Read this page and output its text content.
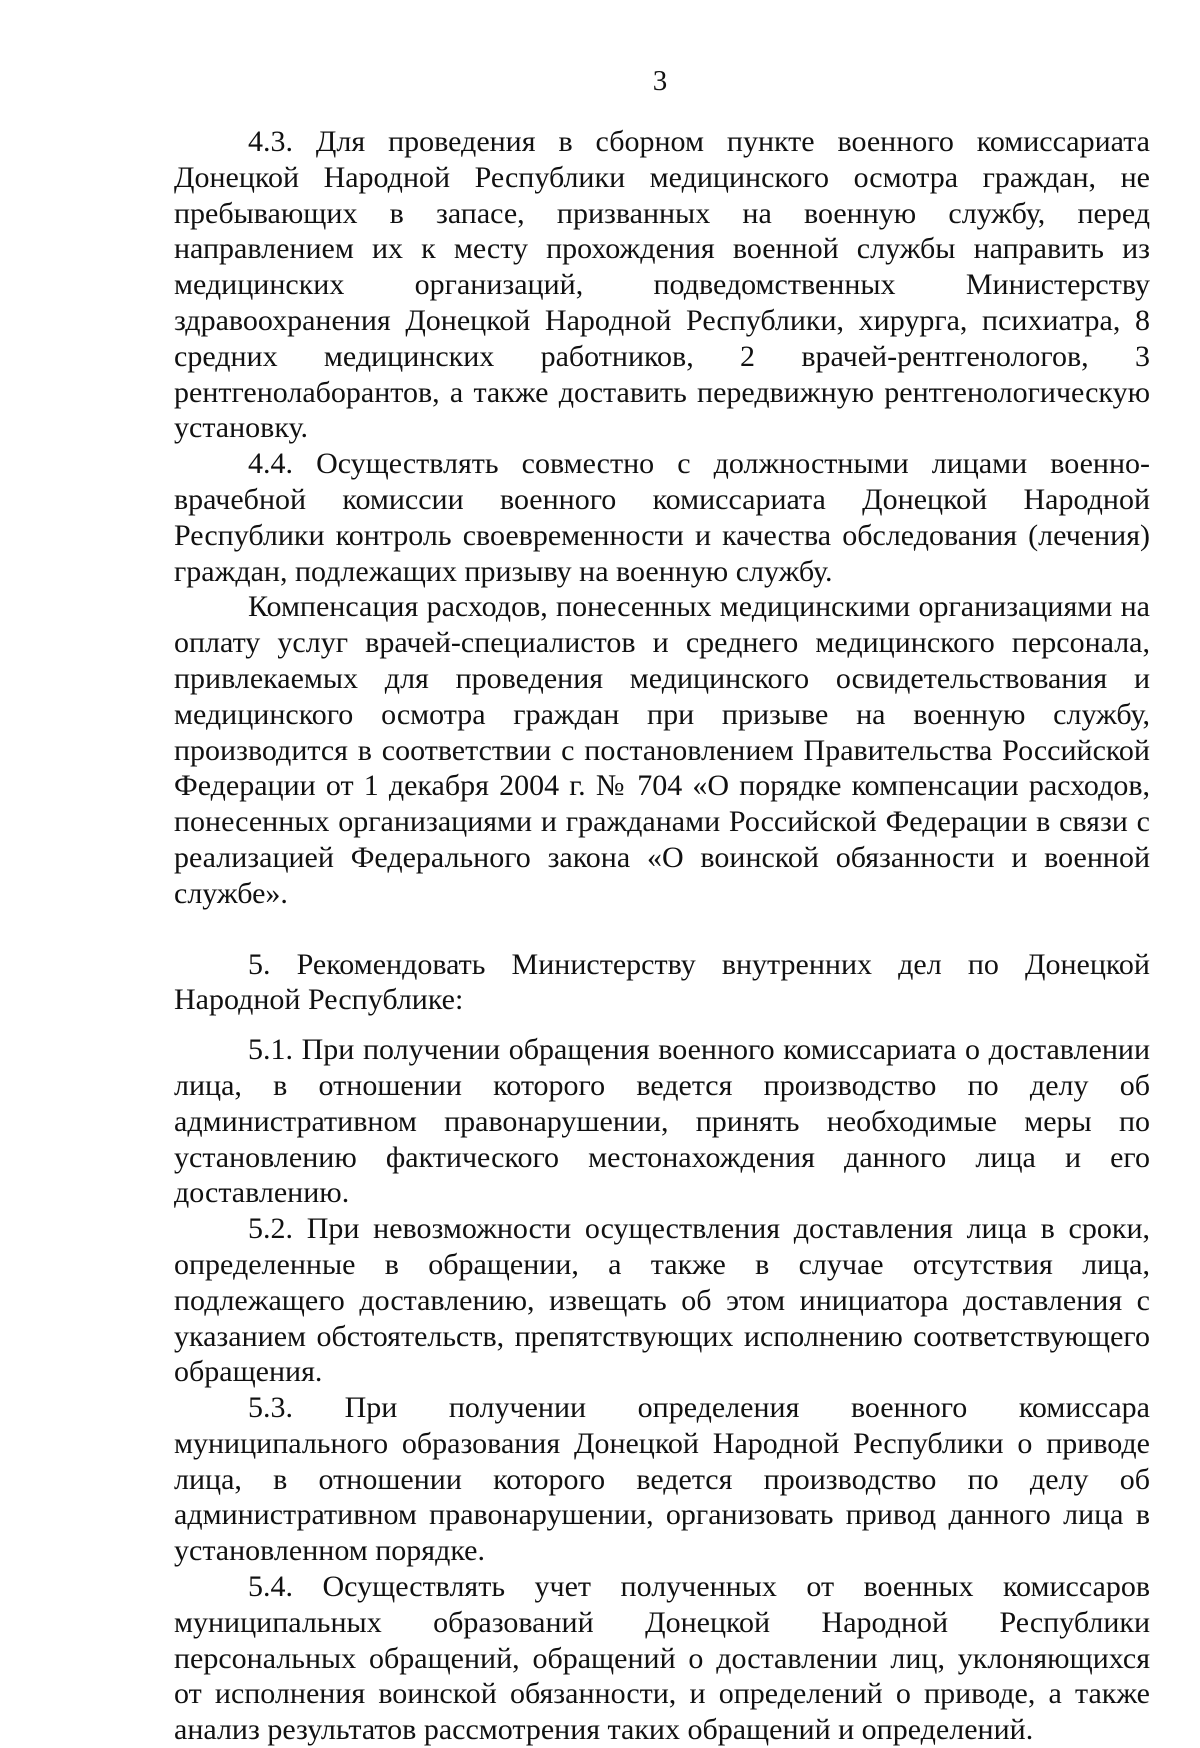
3

4.3. Для проведения в сборном пункте военного комиссариата Донецкой Народной Республики медицинского осмотра граждан, не пребывающих в запасе, призванных на военную службу, перед направлением их к месту прохождения военной службы направить из медицинских организаций, подведомственных Министерству здравоохранения Донецкой Народной Республики, хирурга, психиатра, 8 средних медицинских работников, 2 врачей-рентгенологов, 3 рентгенолаборантов, а также доставить передвижную рентгенологическую установку.

4.4. Осуществлять совместно с должностными лицами военно-врачебной комиссии военного комиссариата Донецкой Народной Республики контроль своевременности и качества обследования (лечения) граждан, подлежащих призыву на военную службу.

Компенсация расходов, понесенных медицинскими организациями на оплату услуг врачей-специалистов и среднего медицинского персонала, привлекаемых для проведения медицинского освидетельствования и медицинского осмотра граждан при призыве на военную службу, производится в соответствии с постановлением Правительства Российской Федерации от 1 декабря 2004 г. № 704 «О порядке компенсации расходов, понесенных организациями и гражданами Российской Федерации в связи с реализацией Федерального закона «О воинской обязанности и военной службе».

5. Рекомендовать Министерству внутренних дел по Донецкой Народной Республике:

5.1. При получении обращения военного комиссариата о доставлении лица, в отношении которого ведется производство по делу об административном правонарушении, принять необходимые меры по установлению фактического местонахождения данного лица и его доставлению.

5.2. При невозможности осуществления доставления лица в сроки, определенные в обращении, а также в случае отсутствия лица, подлежащего доставлению, извещать об этом инициатора доставления с указанием обстоятельств, препятствующих исполнению соответствующего обращения.

5.3. При получении определения военного комиссара муниципального образования Донецкой Народной Республики о приводе лица, в отношении которого ведется производство по делу об административном правонарушении, организовать привод данного лица в установленном порядке.

5.4. Осуществлять учет полученных от военных комиссаров муниципальных образований Донецкой Народной Республики персональных обращений, обращений о доставлении лиц, уклоняющихся от исполнения воинской обязанности, и определений о приводе, а также анализ результатов рассмотрения таких обращений и определений.
